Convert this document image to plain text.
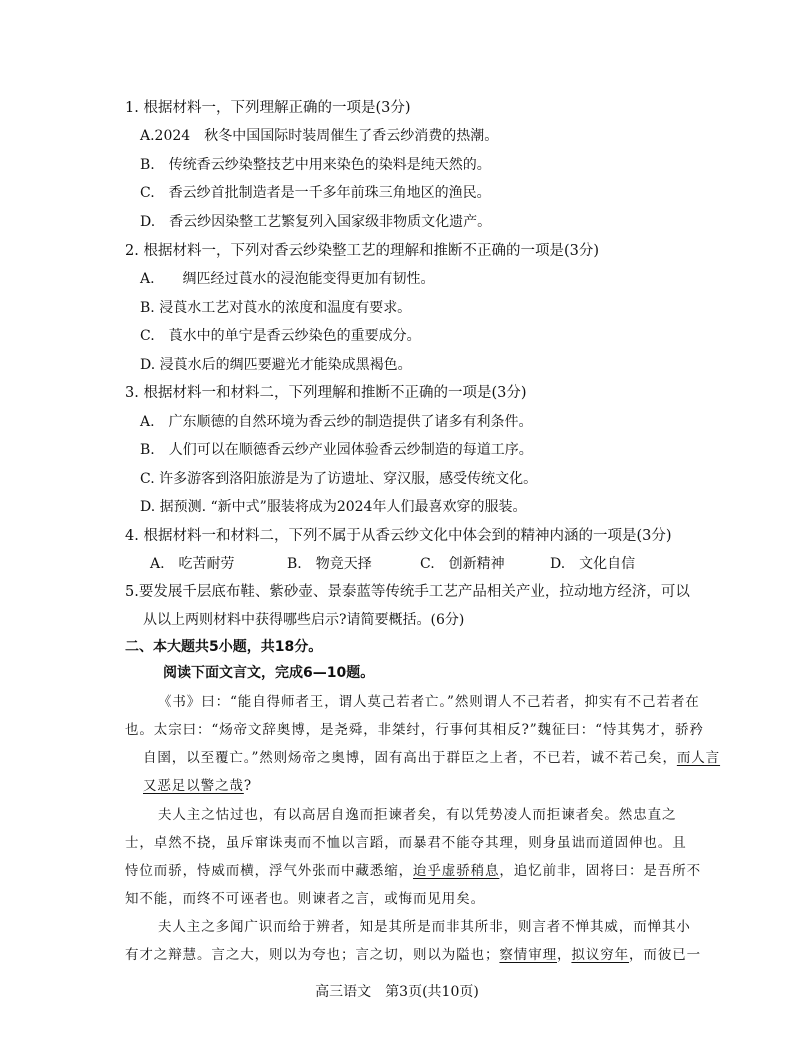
1. 根据材料一，下列理解正确的一项是(3分)
A.2024　秋冬中国国际时装周催生了香云纱消费的热潮。
B.　传统香云纱染整技艺中用来染色的染料是纯天然的。
C.　香云纱首批制造者是一千多年前珠三角地区的渔民。
D.　香云纱因染整工艺繁复列入国家级非物质文化遗产。
2. 根据材料一，下列对香云纱染整工艺的理解和推断不正确的一项是(3分)
A.　　绸匹经过莨水的浸泡能变得更加有韧性。
B. 浸莨水工艺对莨水的浓度和温度有要求。
C.　莨水中的单宁是香云纱染色的重要成分。
D. 浸莨水后的绸匹要避光才能染成黑褐色。
3. 根据材料一和材料二，下列理解和推断不正确的一项是(3分)
A.　广东顺德的自然环境为香云纱的制造提供了诸多有利条件。
B.　人们可以在顺德香云纱产业园体验香云纱制造的每道工序。
C. 许多游客到洛阳旅游是为了访遗址、穿汉服，感受传统文化。
D. 据预测. “新中式”服装将成为2024年人们最喜欢穿的服装。
4. 根据材料一和材料二，下列不属于从香云纱文化中体会到的精神内涵的一项是(3分)
A.　吃苦耐劳	B.　物竞天择	C.　创新精神	D.　文化自信
5.要发展千层底布鞋、紫砂壶、景泰蓝等传统手工艺产品相关产业，拉动地方经济，可以
从以上两则材料中获得哪些启示?请简要概括。(6分)
二、本大题共5小题，共18分。
阅读下面文言文，完成6—10题。
《书》曰：“能自得师者王，谓人莫己若者亡。”然则谓人不己若者，抑实有不己若者在
也。太宗曰：“炀帝文辞奥博，是尧舜，非桀纣，行事何其相反?”魏征曰：“恃其隽才，骄矜
自圉，以至覆亡。”然则炀帝之奥博，固有高出于群臣之上者，不已若，诚不若己矣，而人言
又恶足以警之哉?
夫人主之怙过也，有以高居自逸而拒谏者矣，有以凭势凌人而拒谏者矣。然忠直之
士，卓然不挠，虽斥窜诛夷而不恤以言蹈，而暴君不能夺其理，则身虽诎而道固伸也。且
恃位而骄，恃威而横，浮气外张而中藏悉缩，迨乎虚骄稍息，追忆前非，固将曰：是吾所不
知不能，而终不可诬者也。则谏者之言，或悔而见用矣。
夫人主之多闻广识而给于辨者，知是其所是而非其所非，则言者不惮其威，而惮其小
有才之辩慧。言之大，则以为夸也；言之切，则以为隘也；察情审理，拟议穷年，而彼已一
高三语文　第3页(共10页)
